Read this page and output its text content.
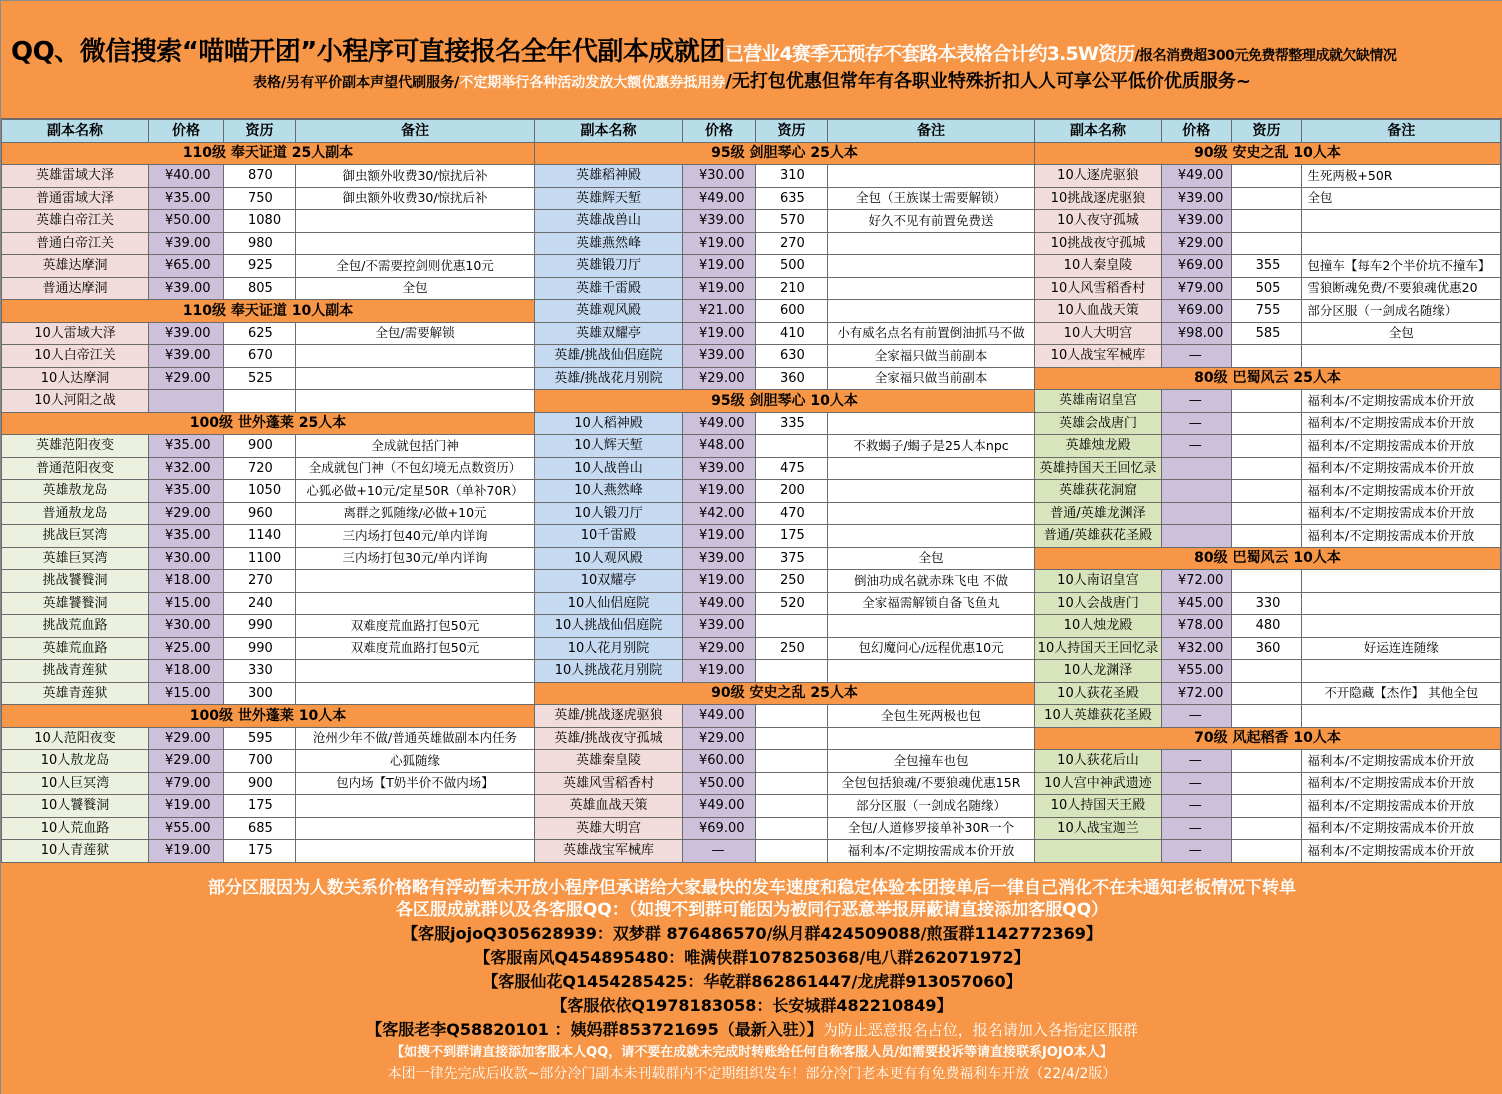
QQ、微信搜索“喵喵开团”小程序可直接报名全年代副本成就团已营业4赛季无预存不套路本表格合计约3.5W资历/报名消费超300元免费帮整理成就欠缺情况
表格/另有平价副本声望代刷服务/不定期举行各种活动发放大额优惠券抵用券/无打包优惠但常年有各职业特殊折扣人人可享公平低价优质服务~
副本名称	价格	资历	备注
110级 奉天证道 25人副本			
英雄雷域大泽	¥40.00	870	御虫额外收费30/惊扰后补
普通雷域大泽	¥35.00	750	御虫额外收费30/惊扰后补
英雄白帝江关	¥50.00	1080	
普通白帝江关	¥39.00	980	
英雄达摩洞	¥65.00	925	全包/不需要控剑则优惠10元
普通达摩洞	¥39.00	805	全包
110级 奉天证道 10人副本			
10人雷域大泽	¥39.00	625	全包/需要解锁
10人白帝江关	¥39.00	670	
10人达摩洞	¥29.00	525	
10人河阳之战			
100级 世外蓬莱 25人本			
英雄范阳夜变	¥35.00	900	全成就包括门神
普通范阳夜变	¥32.00	720	全成就包门神（不包幻境无点数资历）
英雄敖龙岛	¥35.00	1050	心狐必做+10元/定星50R（单补70R）
普通敖龙岛	¥29.00	960	离群之狐随缘/必做+10元
挑战巨冥湾	¥35.00	1140	三内场打包40元/单内详询
英雄巨冥湾	¥30.00	1100	三内场打包30元/单内详询
挑战饕餮洞	¥18.00	270	
英雄饕餮洞	¥15.00	240	
挑战荒血路	¥30.00	990	双难度荒血路打包50元
英雄荒血路	¥25.00	990	双难度荒血路打包50元
挑战青莲狱	¥18.00	330	
英雄青莲狱	¥15.00	300	
100级 世外蓬莱 10人本			
10人范阳夜变	¥29.00	595	沧州少年不做/普通英雄做副本内任务
10人敖龙岛	¥29.00	700	心狐随缘
10人巨冥湾	¥79.00	900	包内场【T奶半价不做内场】
10人饕餮洞	¥19.00	175	
10人荒血路	¥55.00	685	
10人青莲狱	¥19.00	175	
副本名称	价格	资历	备注
95级 剑胆琴心 25人本			
英雄稻神殿	¥30.00	310	
英雄辉天堑	¥49.00	635	全包（王族谋士需要解锁）
英雄战兽山	¥39.00	570	好久不见有前置免费送
英雄燕然峰	¥19.00	270	
英雄锻刀厅	¥19.00	500	
英雄千雷殿	¥19.00	210	
英雄观风殿	¥21.00	600	
英雄双耀亭	¥19.00	410	小有威名点名有前置倒油抓马不做
英雄/挑战仙侣庭院	¥39.00	630	全家福只做当前副本
英雄/挑战花月别院	¥29.00	360	全家福只做当前副本
95级 剑胆琴心 10人本			
10人稻神殿	¥49.00	335	
10人辉天堑	¥48.00		不救蝎子/蝎子是25人本npc
10人战兽山	¥39.00	475	
10人燕然峰	¥19.00	200	
10人锻刀厅	¥42.00	470	
10千雷殿	¥19.00	175	
10人观风殿	¥39.00	375	全包
10双耀亭	¥19.00	250	倒油功成名就赤珠飞电 不做
10人仙侣庭院	¥49.00	520	全家福需解锁自备飞鱼丸
10人挑战仙侣庭院	¥39.00		
10人花月别院	¥29.00	250	包幻魔问心/远程优惠10元
10人挑战花月别院	¥19.00		
90级 安史之乱 25人本			
英雄/挑战逐虎驱狼	¥49.00		全包生死两极也包
英雄/挑战夜守孤城	¥29.00		
英雄秦皇陵	¥60.00		全包撞车也包
英雄风雪稻香村	¥50.00		全包包括狼魂/不要狼魂优惠15R
英雄血战天策	¥49.00		部分区服（一剑成名随缘）
英雄大明宫	¥69.00		全包/人道修罗接单补30R一个
英雄战宝军械库	—		福利本/不定期按需成本价开放
副本名称	价格	资历	备注
90级 安史之乱 10人本			
10人逐虎驱狼	¥49.00		生死两极+50R
10挑战逐虎驱狼	¥39.00		全包
10人夜守孤城	¥39.00		
10挑战夜守孤城	¥29.00		
10人秦皇陵	¥69.00	355	包撞车【每车2个半价坑不撞车】
10人风雪稻香村	¥79.00	505	雪狼断魂免费/不要狼魂优惠20
10人血战天策	¥69.00	755	部分区服（一剑成名随缘）
10人大明宫	¥98.00	585	全包
10人战宝军械库	—		
80级 巴蜀风云 25人本			
英雄南诏皇宫	—		福利本/不定期按需成本价开放
英雄会战唐门	—		福利本/不定期按需成本价开放
英雄烛龙殿	—		福利本/不定期按需成本价开放
英雄持国天王回忆录			福利本/不定期按需成本价开放
英雄荻花洞窟			福利本/不定期按需成本价开放
普通/英雄龙渊泽			福利本/不定期按需成本价开放
普通/英雄荻花圣殿			福利本/不定期按需成本价开放
80级 巴蜀风云 10人本			
10人南诏皇宫	¥72.00		
10人会战唐门	¥45.00	330	
10人烛龙殿	¥78.00	480	
10人持国天王回忆录	¥32.00	360	好运连连随缘
10人龙渊泽	¥55.00		
10人荻花圣殿	¥72.00		不开隐藏【杰作】 其他全包
10人英雄荻花圣殿	—		
70级 风起稻香 10人本			
10人荻花后山	—		福利本/不定期按需成本价开放
10人宫中神武遗迹	—		福利本/不定期按需成本价开放
10人持国天王殿	—		福利本/不定期按需成本价开放
10人战宝迦兰	—		福利本/不定期按需成本价开放
	—		福利本/不定期按需成本价开放
部分区服因为人数关系价格略有浮动暂未开放小程序但承诺给大家最快的发车速度和稳定体验本团接单后一律自己消化不在未通知老板情况下转单
各区服成就群以及各客服QQ：（如搜不到群可能因为被同行恶意举报屏蔽请直接添加客服QQ）
【客服jojoQ305628939：双梦群 876486570/纵月群424509088/煎蛋群1142772369】
【客服南风Q454895480：唯满侠群1078250368/电八群262071972】
【客服仙花Q1454285425：华乾群862861447/龙虎群913057060】
【客服依依Q1978183058：长安城群482210849】
【客服老李Q58820101 ：姨妈群853721695（最新入驻）】为防止恶意报名占位，报名请加入各指定区服群
【如搜不到群请直接添加客服本人QQ，请不要在成就未完成时转账给任何自称客服人员/如需要投诉等请直接联系JOJO本人】
本团一律先完成后收款~部分冷门副本未刊载群内不定期组织发车！部分冷门老本更有有免费福利车开放（22/4/2版）
